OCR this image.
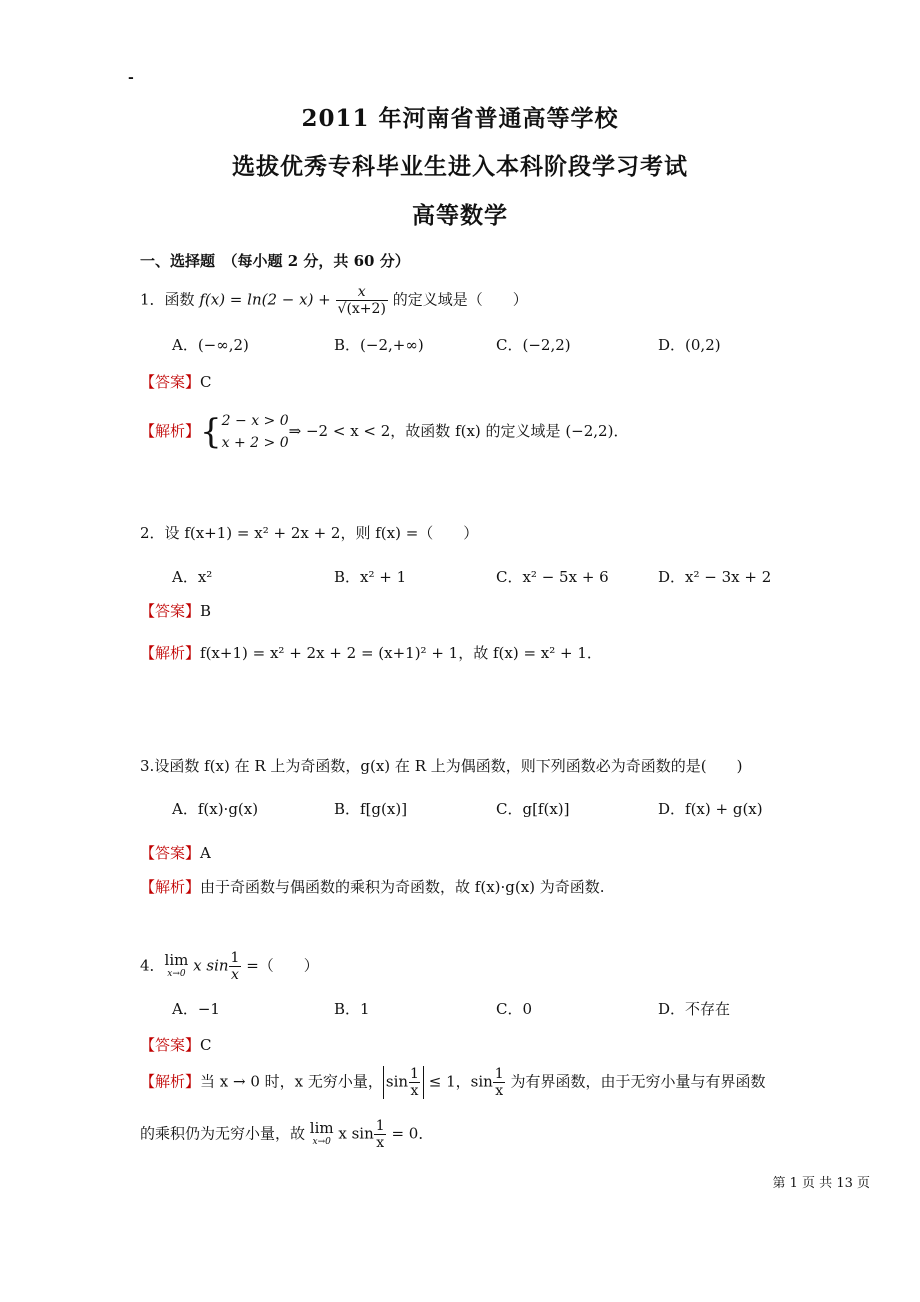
-
2011 年河南省普通高等学校
选拔优秀专科毕业生进入本科阶段学习考试
高等数学
一、选择题　（每小题 2 分，共 60 分）
1．函数 $f(x) = \ln(2 - x) + \frac{x}{√(x+2)}$ 的定义域是（　　）
A．(−∞,2)	B．(−2,+∞)	C．(−2,2)	D．(0,2)
【答案】C
【解析】{ 2 − x > 0
x + 2 > 0
⇒ −2 < x < 2，故函数 f(x) 的定义域是 (−2,2)．
2．设 f(x+1) = x² + 2x + 2，则 f(x) =（　　）
A．x²	B．x² + 1	C．x² − 5x + 6	D．x² − 3x + 2
【答案】B
【解析】f(x+1) = x² + 2x + 2 = (x+1)² + 1，故 f(x) = x² + 1．
3.设函数 f(x) 在 R 上为奇函数，g(x) 在 R 上为偶函数，则下列函数必为奇函数的是(　　)
A．f(x)·g(x)	B．f[g(x)]	C．g[f(x)]	D．f(x) + g(x)
【答案】A
【解析】由于奇函数与偶函数的乘积为奇函数，故 f(x)·g(x) 为奇函数.
4． lim
x→0 x $\sin \frac{1}{x}$ =（　　）
A．−1	B．1	C．0	D．不存在
【答案】C
【解析】当 x → 0 时，x 无穷小量， $\sin \frac{1}{x} \le 1$，$\sin \frac{1}{x}$ 为有界函数，由于无穷小量与有界函数
的乘积仍为无穷小量，故 lim
x→0 x $\sin \frac{1}{x} = 0$．
第 1 页 共 13 页
